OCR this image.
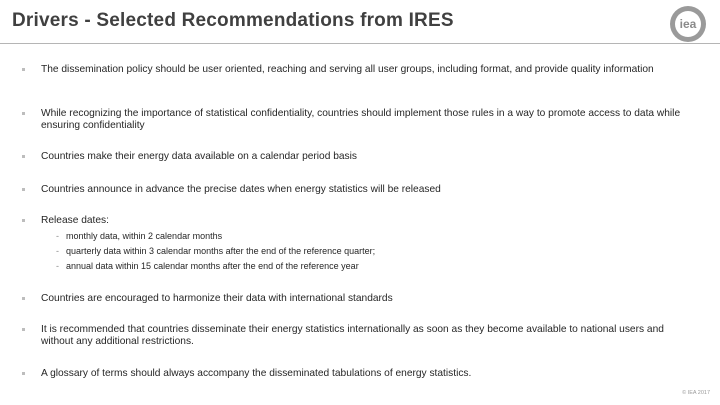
Drivers - Selected Recommendations from IRES	iea
The dissemination policy should be user oriented, reaching and serving all user groups, including format, and provide quality information
While recognizing the importance of statistical confidentiality, countries should implement those rules in a way to promote access to data while ensuring confidentiality
Countries make their energy data available on a calendar period basis
Countries announce in advance the precise dates when energy statistics will be released
Release dates:
- monthly data, within 2 calendar months
- quarterly data within 3 calendar months after the end of the reference quarter;
- annual data within 15 calendar months after the end of the reference year
Countries are encouraged to harmonize their data with international standards
It is recommended that countries disseminate their energy statistics internationally as soon as they become available to national users and without any additional restrictions.
A glossary of terms should always accompany the disseminated tabulations of energy statistics.
© IEA 2017
